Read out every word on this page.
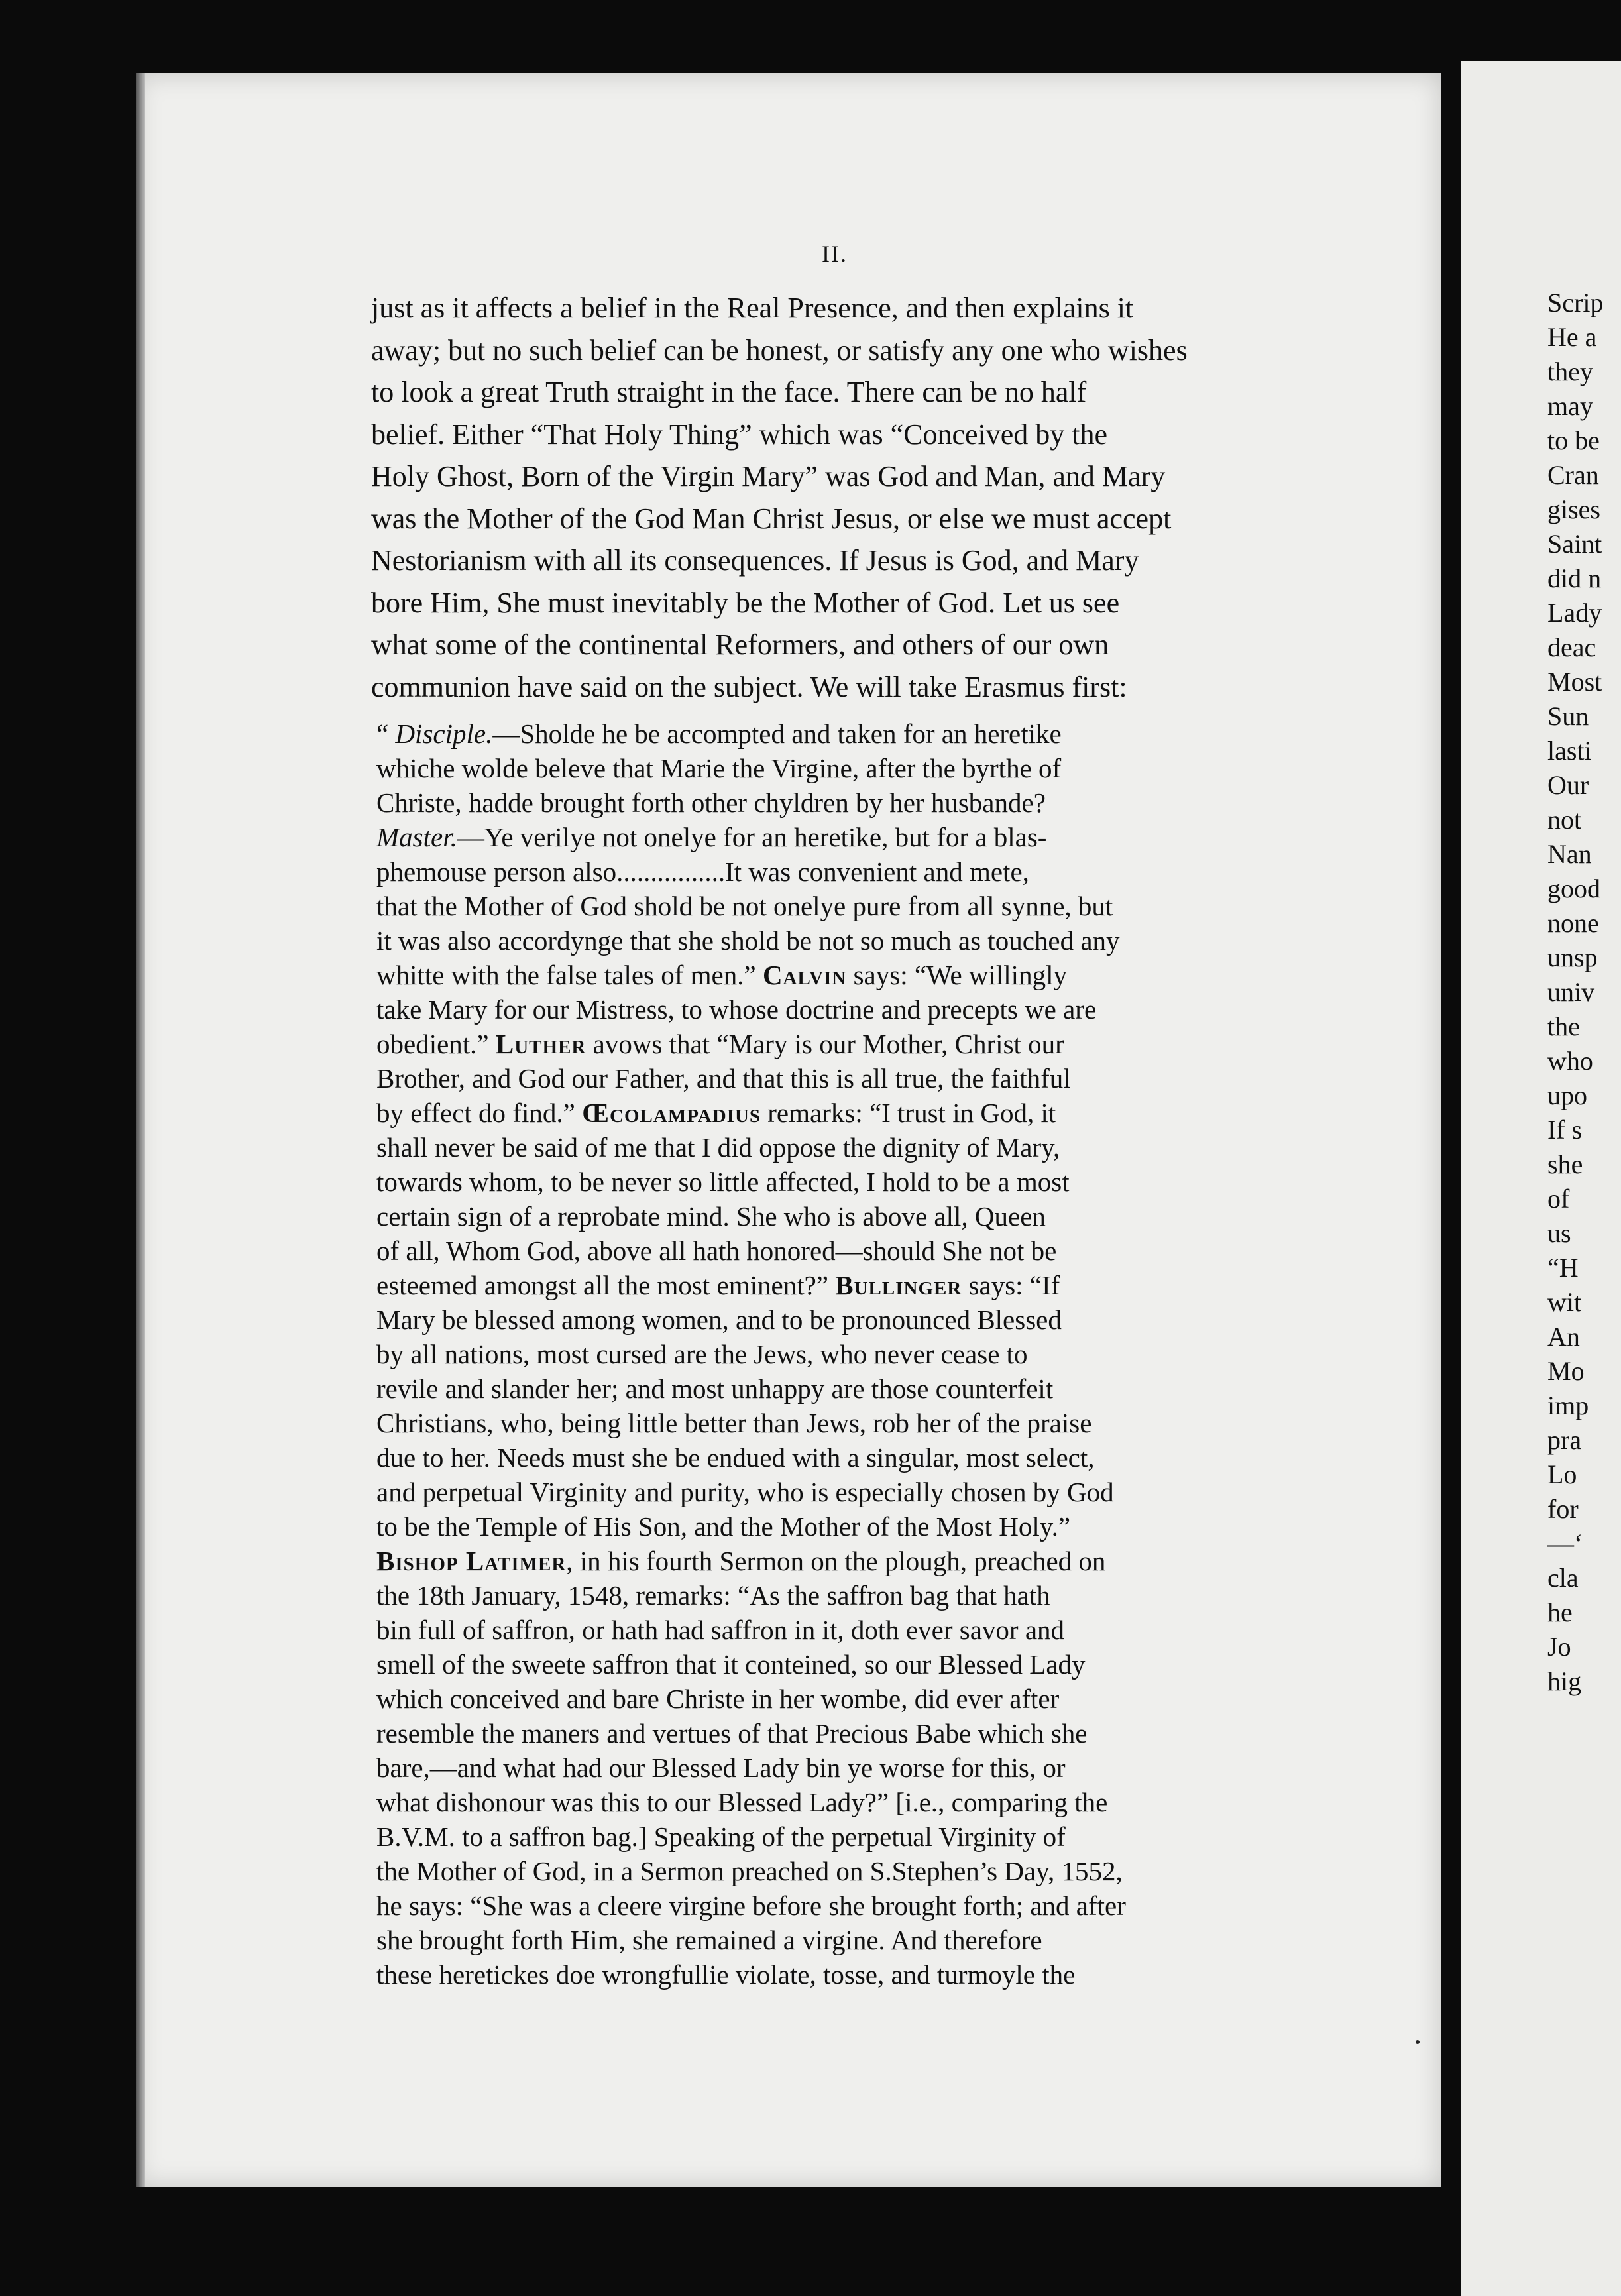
II.
just as it affects a belief in the Real Presence, and then explains it
away; but no such belief can be honest, or satisfy any one who wishes
to look a great Truth straight in the face. There can be no half
belief. Either “That Holy Thing” which was “Conceived by the
Holy Ghost, Born of the Virgin Mary” was God and Man, and Mary
was the Mother of the God Man Christ Jesus, or else we must accept
Nestorianism with all its consequences. If Jesus is God, and Mary
bore Him, She must inevitably be the Mother of God. Let us see
what some of the continental Reformers, and others of our own
communion have said on the subject. We will take Erasmus first:
“ Disciple.—Sholde he be accompted and taken for an heretike
whiche wolde beleve that Marie the Virgine, after the byrthe of
Christe, hadde brought forth other chyldren by her husbande?
Master.—Ye verilye not onelye for an heretike, but for a blas-
phemouse person also................It was convenient and mete,
that the Mother of God shold be not onelye pure from all synne, but
it was also accordynge that she shold be not so much as touched any
whitte with the false tales of men.” Calvin says: “We willingly
take Mary for our Mistress, to whose doctrine and precepts we are
obedient.” Luther avows that “Mary is our Mother, Christ our
Brother, and God our Father, and that this is all true, the faithful
by effect do find.” Œcolampadius remarks: “I trust in God, it
shall never be said of me that I did oppose the dignity of Mary,
towards whom, to be never so little affected, I hold to be a most
certain sign of a reprobate mind. She who is above all, Queen
of all, Whom God, above all hath honored—should She not be
esteemed amongst all the most eminent?” Bullinger says: “If
Mary be blessed among women, and to be pronounced Blessed
by all nations, most cursed are the Jews, who never cease to
revile and slander her; and most unhappy are those counterfeit
Christians, who, being little better than Jews, rob her of the praise
due to her. Needs must she be endued with a singular, most select,
and perpetual Virginity and purity, who is especially chosen by God
to be the Temple of His Son, and the Mother of the Most Holy.”
Bishop Latimer, in his fourth Sermon on the plough, preached on
the 18th January, 1548, remarks: “As the saffron bag that hath
bin full of saffron, or hath had saffron in it, doth ever savor and
smell of the sweete saffron that it conteined, so our Blessed Lady
which conceived and bare Christe in her wombe, did ever after
resemble the maners and vertues of that Precious Babe which she
bare,—and what had our Blessed Lady bin ye worse for this, or
what dishonour was this to our Blessed Lady?” [i.e., comparing the
B.V.M. to a saffron bag.] Speaking of the perpetual Virginity of
the Mother of God, in a Sermon preached on S.Stephen’s Day, 1552,
he says: “She was a cleere virgine before she brought forth; and after
she brought forth Him, she remained a virgine. And therefore
these heretickes doe wrongfullie violate, tosse, and turmoyle the
Scrip
He a
they
may
to be
Cran
gises
Saint
did n
Lady
deac
Most
Sun
lasti
Our
not
Nan
good
none
unsp
univ
the
who
upo
If s
she
of
us
“H
wit
An
Mo
imp
pra
Lo
for
—‘
cla
he
Jo
hig
